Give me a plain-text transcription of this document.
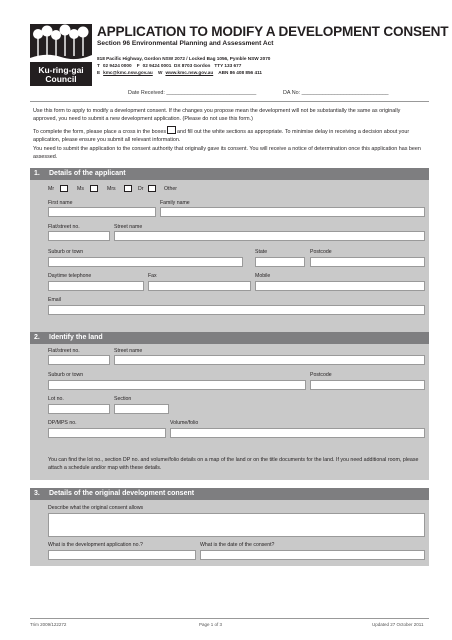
Ku-ring-gai
Council
APPLICATION TO MODIFY A DEVELOPMENT CONSENT
Section 96 Environmental Planning and Assessment Act
818 Pacific Highway, Gordon NSW 2072 / Locked Bag 1056, Pymble NSW 2070
T 02 9424 0000 F 02 9424 0001 DX 8703 Gordon TTY 133 677
E kmc@kmc.nsw.gov.au W www.kmc.nsw.gov.au ABN 86 408 856 411
Date Received: ______________________________	DA No: _____________________________
Use this form to apply to modify a development consent. If the changes you propose mean the development will not be substantially the same as originally approved, you need to submit a new development application. (Please do not use this form.)
To complete the form, please place a cross in the boxes and fill out the white sections as appropriate. To minimise delay in receiving a decision about your application, please ensure you submit all relevant information.
You need to submit the application to the consent authority that originally gave its consent. You will receive a notice of determination once this application has been assessed.
1. Details of the applicant
Mr	Ms	Mrs	Dr	Other
First name	Family name
Flat/street no.	Street name
Suburb or town	State	Postcode
Daytime telephone	Fax	Mobile
Email
2. Identify the land
Flat/street no.	Street name
Suburb or town	Postcode
Lot no.	Section
DP/MPS no.	Volume/folio
You can find the lot no., section DP no. and volume/folio details on a map of the land or on the title documents for the land. If you need additional room, please attach a schedule and/or map with these details.
3. Details of the original development consent
Describe what the original consent allows
What is the development application no.?	What is the date of the consent?
Trim 2009/122272	Page 1 of 3	Updated 27 October 2011
